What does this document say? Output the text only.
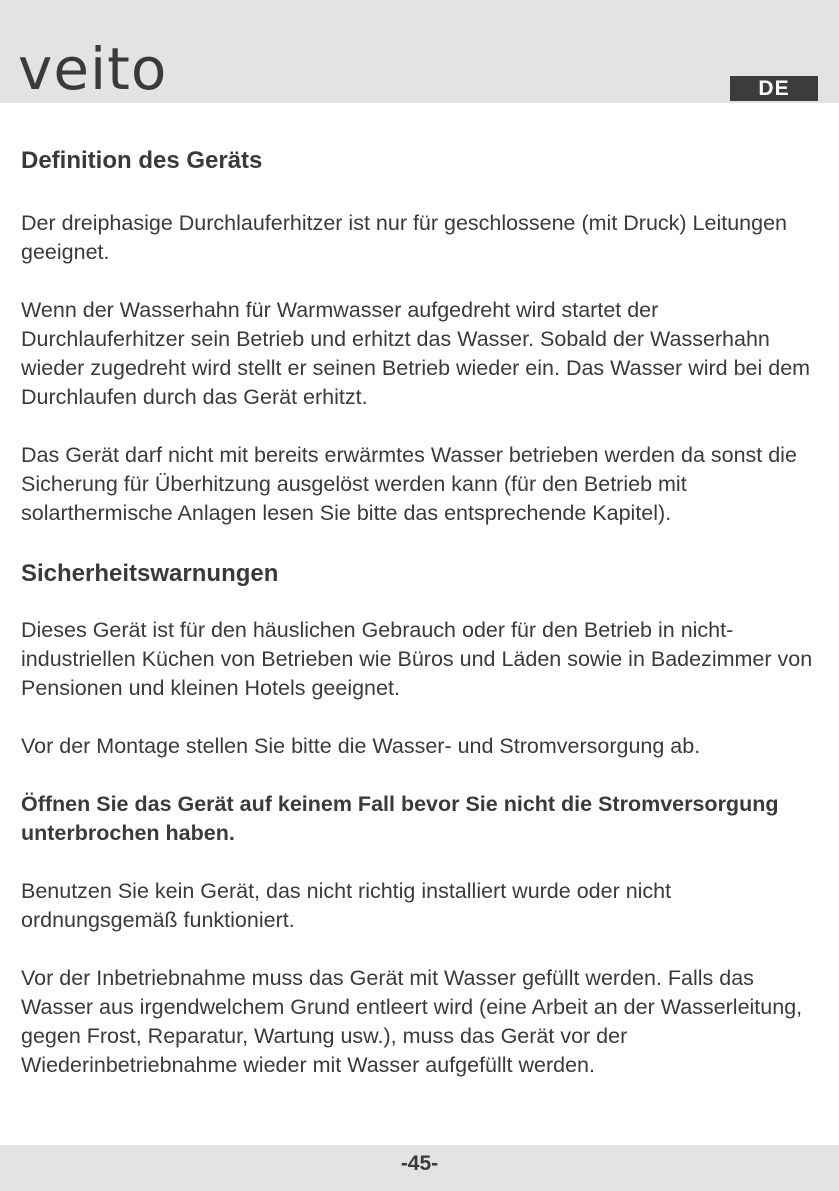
veito	DE
Definition des Geräts

Der dreiphasige Durchlauferhitzer ist nur für geschlossene (mit Druck) Leitungen geeignet.

Wenn der Wasserhahn für Warmwasser aufgedreht wird startet der Durchlauferhitzer sein Betrieb und erhitzt das Wasser. Sobald der Wasserhahn wieder zugedreht wird stellt er seinen Betrieb wieder ein. Das Wasser wird bei dem Durchlaufen durch das Gerät erhitzt.

Das Gerät darf nicht mit bereits erwärmtes Wasser betrieben werden da sonst die Sicherung für Überhitzung ausgelöst werden kann (für den Betrieb mit solarthermische Anlagen lesen Sie bitte das entsprechende Kapitel).

Sicherheitswarnungen

Dieses Gerät ist für den häuslichen Gebrauch oder für den Betrieb in nicht-industriellen Küchen von Betrieben wie Büros und Läden sowie in Badezimmer von Pensionen und kleinen Hotels geeignet.

Vor der Montage stellen Sie bitte die Wasser- und Stromversorgung ab.

Öffnen Sie das Gerät auf keinem Fall bevor Sie nicht die Stromversorgung unterbrochen haben.

Benutzen Sie kein Gerät, das nicht richtig installiert wurde oder nicht ordnungsgemäß funktioniert.

Vor der Inbetriebnahme muss das Gerät mit Wasser gefüllt werden. Falls das Wasser aus irgendwelchem Grund entleert wird (eine Arbeit an der Wasserleitung, gegen Frost, Reparatur, Wartung usw.), muss das Gerät vor der Wiederinbetriebnahme wieder mit Wasser aufgefüllt werden.

-45-
